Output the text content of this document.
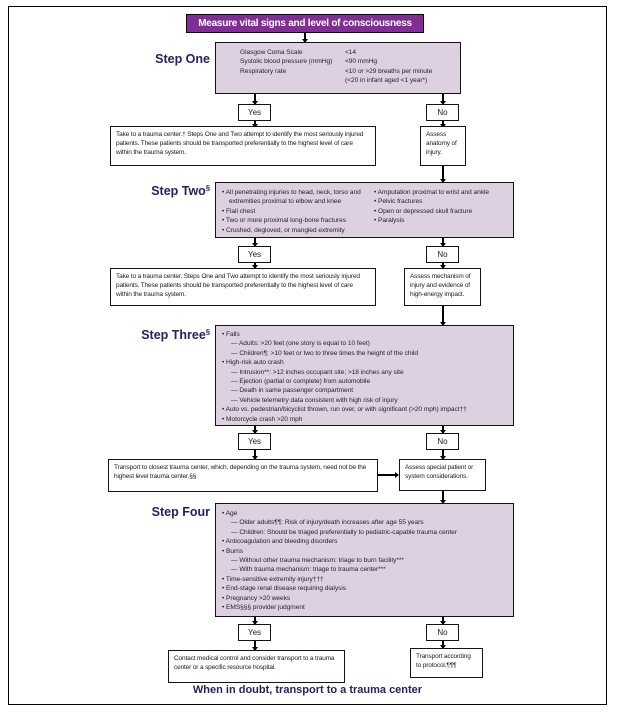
Measure vital signs and level of consciousness
Step One	Glasgow Coma Scale	<14
Systolic blood pressure (mmHg)	<90 mmHg
Respiratory rate	<10 or >29 breaths per minute
(<20 in infant aged <1 year*)
Yes	No
Take to a trauma center.† Steps One and Two attempt to identify the most seriously injured patients. These patients should be transported preferentially to the highest level of care within the trauma system.
Assess anatomy of injury.
Step Two§
• All penetrating injuries to head, neck, torso and extremities proximal to elbow and knee
• Flail chest
• Two or more proximal long-bone fractures
• Crushed, degloved, or mangled extremity
• Amputation proximal to wrist and ankle
• Pelvic fractures
• Open or depressed skull fracture
• Paralysis
Yes	No
Take to a trauma center. Steps One and Two attempt to identify the most seriously injured patients. These patients should be transported preferentially to the highest level of care within the trauma system.
Assess mechanism of injury and evidence of high-energy impact.
Step Three§ • Falls
— Adults: >20 feet (one story is equal to 10 feet)
— Children¶: >10 feet or two to three times the height of the child
• High-risk auto crash
— Intrusion**: >12 inches occupant site; >18 inches any site
— Ejection (partial or complete) from automobile
— Death in same passenger compartment
— Vehicle telemetry data consistent with high risk of injury
• Auto vs. pedestrian/bicyclist thrown, run over, or with significant (>20 mph) impact††
• Motorcycle crash >20 mph
Yes	No
Transport to closest trauma center, which, depending on the trauma system, need not be the highest level trauma center.§§
Assess special patient or system considerations.
Step Four • Age
— Older adults¶¶: Risk of injury/death increases after age 55 years
— Children: Should be triaged preferentially to pediatric-capable trauma center
• Anticoagulation and bleeding disorders
• Burns
— Without other trauma mechanism: triage to burn facility***
— With trauma mechanism: triage to trauma center***
• Time-sensitive extremity injury†††
• End-stage renal disease requiring dialysis
• Pregnancy >20 weeks
• EMS§§§ provider judgment
Yes	No
Contact medical control and consider transport to a trauma center or a specific resource hospital.
Transport according to protocol.¶¶¶
When in doubt, transport to a trauma center
